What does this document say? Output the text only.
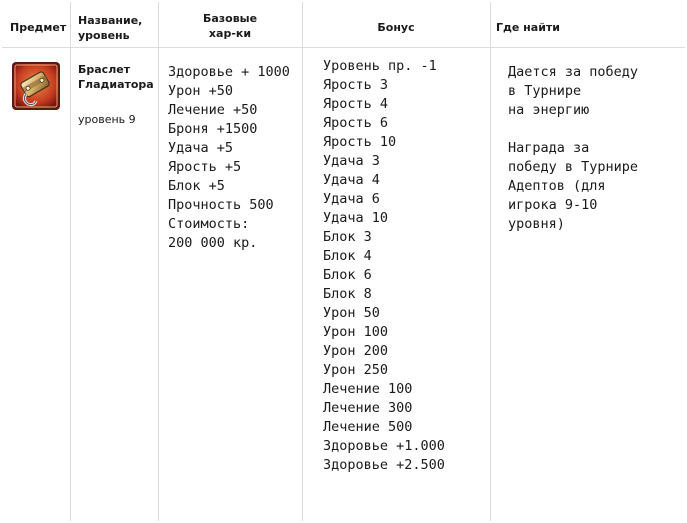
Предмет
Название,
уровень
Базовые
хар-ки	Бонус	Где найти
Браслет
Гладиатора
уровень 9
Здоровье + 1000
Урон +50
Лечение +50
Броня +1500
Удача +5
Ярость +5
Блок +5
Прочность 500
Стоимость:
200 000 кр.
Уровень пр. -1
Ярость 3
Ярость 4
Ярость 6
Ярость 10
Удача 3
Удача 4
Удача 6
Удача 10
Блок 3
Блок 4
Блок 6
Блок 8
Урон 50
Урон 100
Урон 200
Урон 250
Лечение 100
Лечение 300
Лечение 500
Здоровье +1.000
Здоровье +2.500
Дается за победу
в Турнире
на энергию
Награда за
победу в Турнире
Адептов (для
игрока 9-10
уровня)
